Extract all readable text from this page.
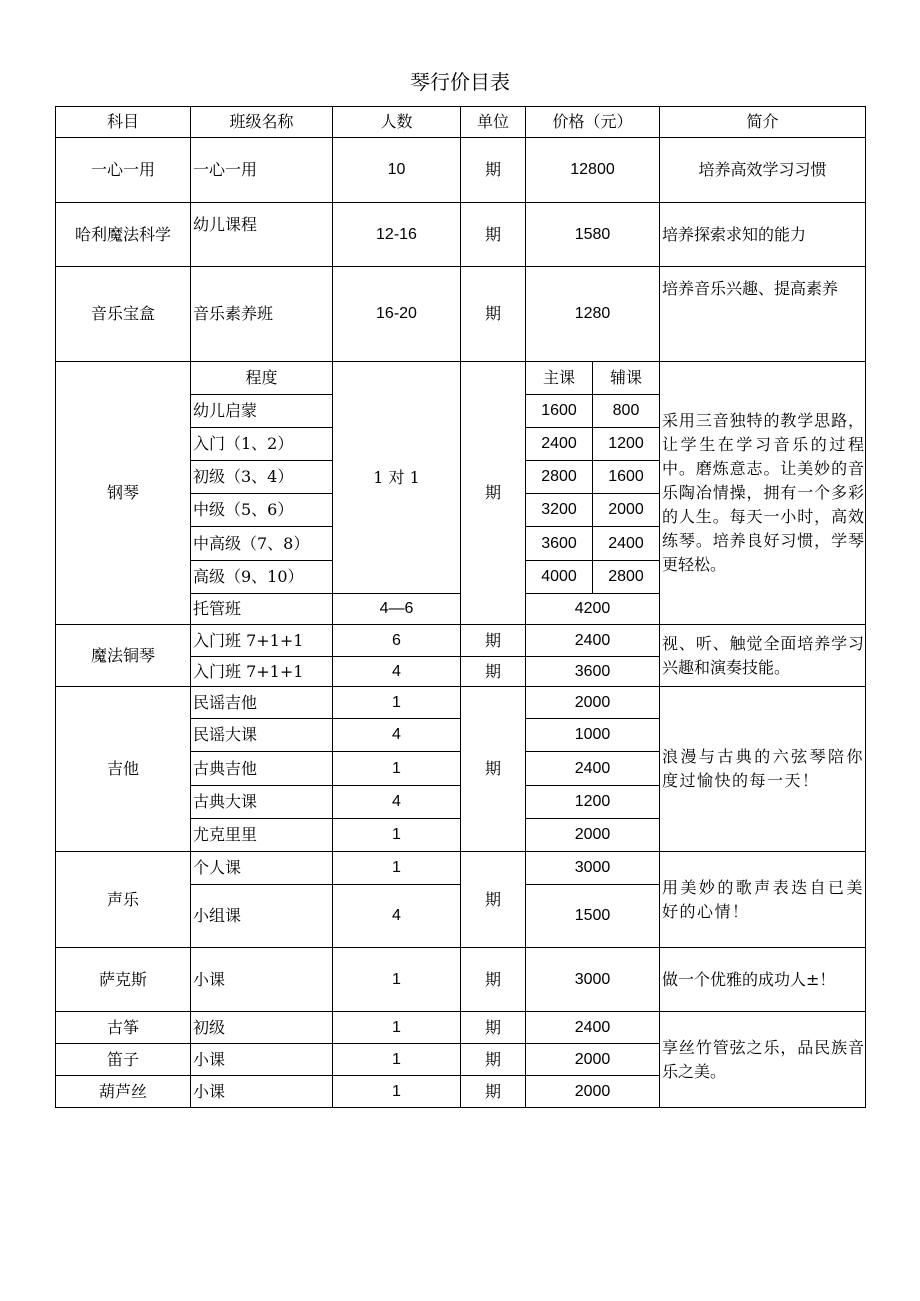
琴行价目表
科目	班级名称	人数	单位	价格（元）		简介
一心一用	一心一用	10	期	12800		培养高效学习习惯
哈利魔法科学	幼儿课程	12-16	期	1580		培养探索求知的能力
音乐宝盒	音乐素养班	16-20	期	1280		培养音乐兴趣、提高素养
钢琴	程度	1 对 1	期	主课	辅课	采用三音独特的教学思路，让学生在学习音乐的过程中。磨炼意志。让美妙的音乐陶冶情操，拥有一个多彩的人生。每天一小时，高效练琴。培养良好习惯，学琴更轻松。
	幼儿启蒙			1600	800	
	入门（1、2）			2400	1200	
	初级（3、4）			2800	1600	
	中级（5、6）			3200	2000	
	中高级（7、8）			3600	2400	
	高级（9、10）			4000	2800	
	托管班	4—6		4200		
魔法铜琴	入门班 7+1+1	6	期	2400		视、听、触觉全面培养学习兴趣和演奏技能。
	入门班 7+1+1	4	期	3600		
吉他	民谣吉他	1	期	2000		浪漫与古典的六弦琴陪你度过愉快的每一天！
	民谣大课	4		1000		
	古典吉他	1		2400		
	古典大课	4		1200		
	尤克里里	1		2000		
声乐	个人课	1	期	3000		用美妙的歌声表迭自已美好的心情！
	小组课	4		1500		
萨克斯	小课	1	期	3000		做一个优雅的成功人±！
古筝	初级	1	期	2400		享丝竹管弦之乐，品民族音乐之美。
笛子	小课	1	期	2000		
葫芦丝	小课	1	期	2000		
